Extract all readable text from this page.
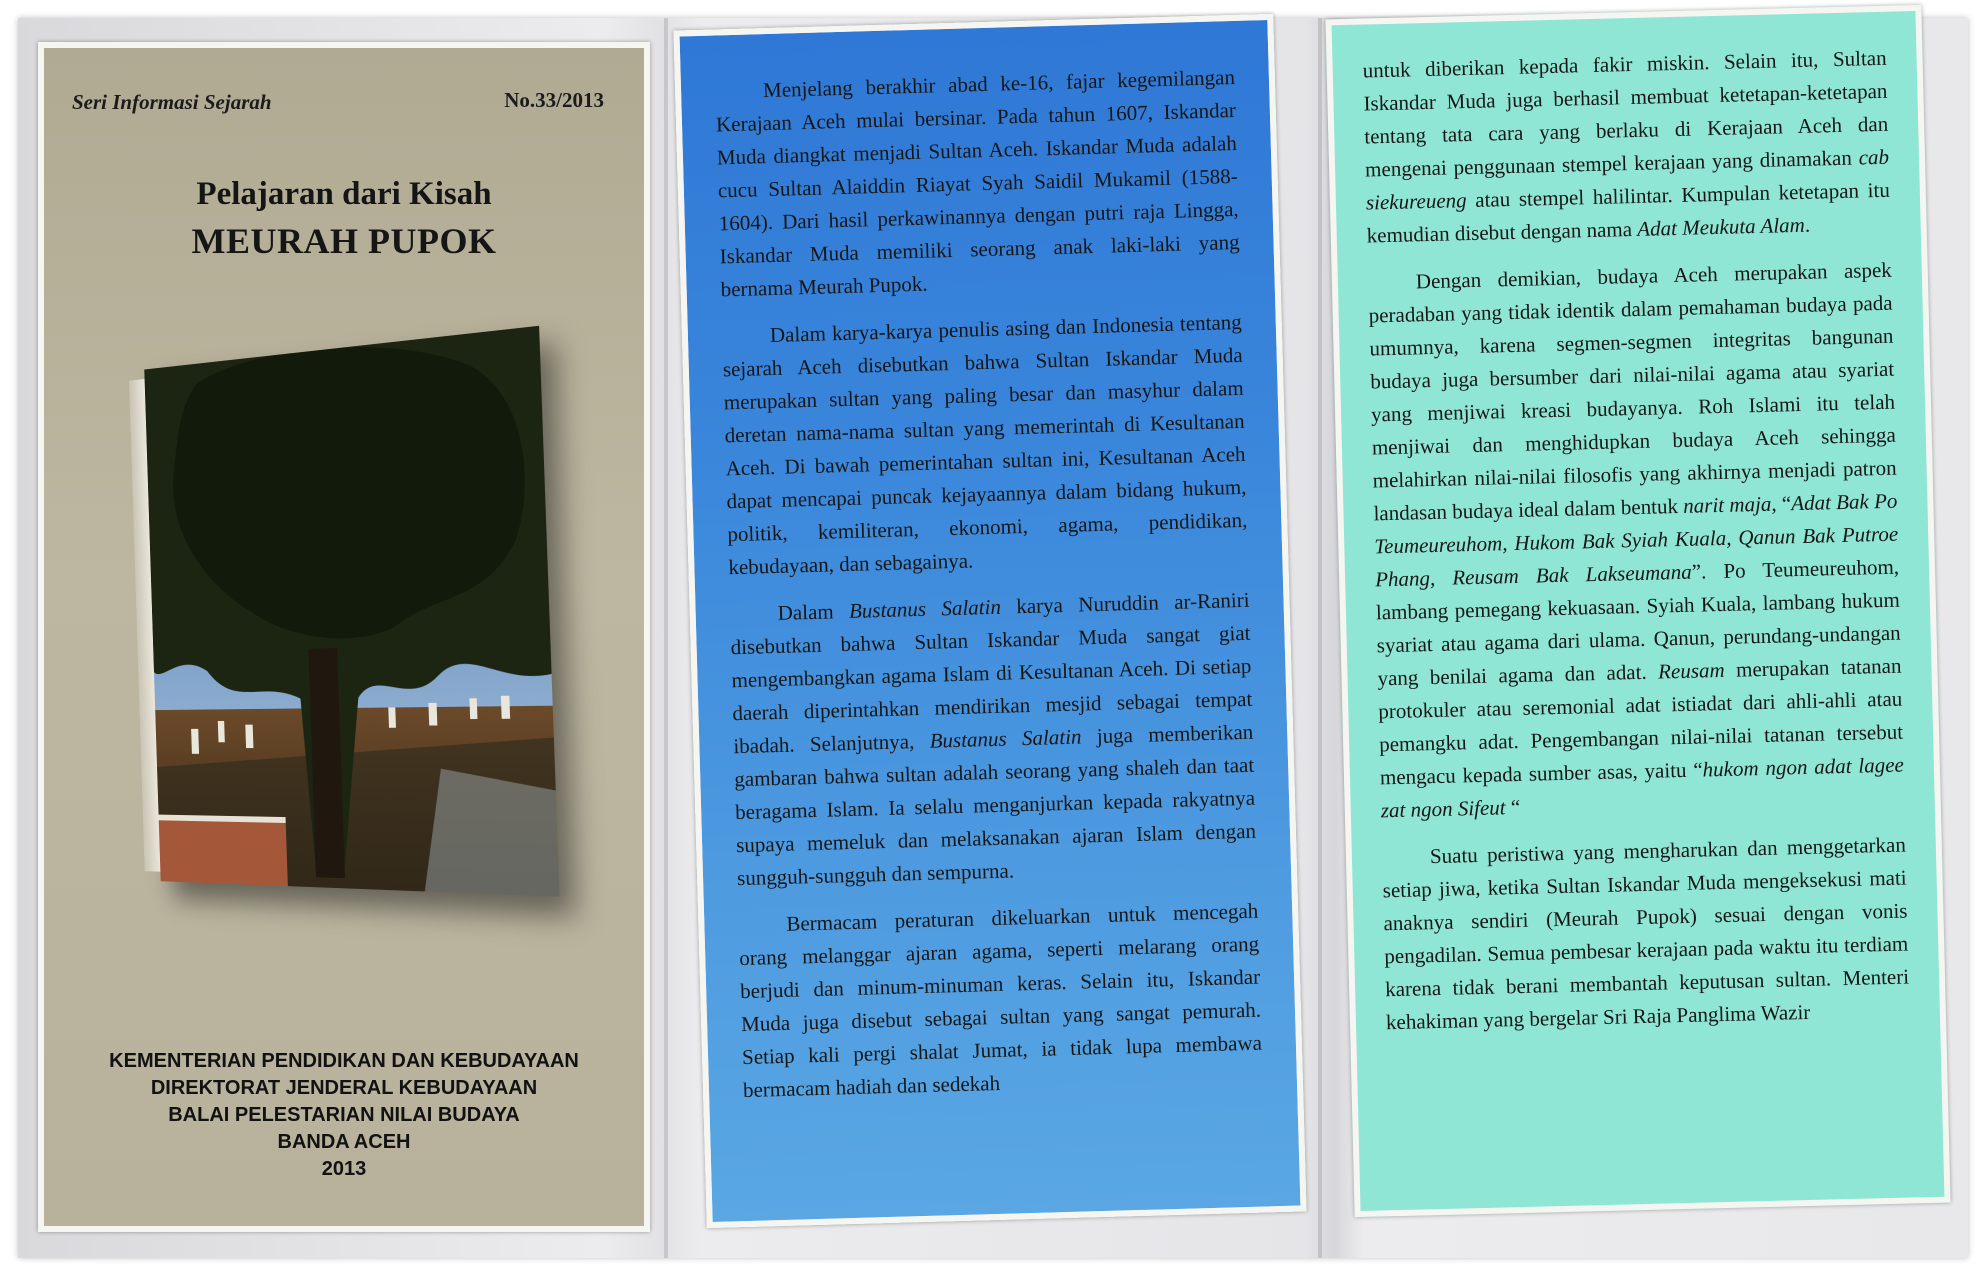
Seri Informasi Sejarah	No.33/2013
Pelajaran dari Kisah
MEURAH PUPOK
KEMENTERIAN PENDIDIKAN DAN KEBUDAYAAN
DIREKTORAT JENDERAL KEBUDAYAAN
BALAI PELESTARIAN NILAI BUDAYA
BANDA ACEH
2013

Menjelang berakhir abad ke-16, fajar kegemilangan Kerajaan Aceh mulai bersinar. Pada tahun 1607, Iskandar Muda diangkat menjadi Sultan Aceh. Iskandar Muda adalah cucu Sultan Alaiddin Riayat Syah Saidil Mukamil (1588-1604). Dari hasil perkawinannya dengan putri raja Lingga, Iskandar Muda memiliki seorang anak laki-laki yang bernama Meurah Pupok.

Dalam karya-karya penulis asing dan Indonesia tentang sejarah Aceh disebutkan bahwa Sultan Iskandar Muda merupakan sultan yang paling besar dan masyhur dalam deretan nama-nama sultan yang memerintah di Kesultanan Aceh. Di bawah pemerintahan sultan ini, Kesultanan Aceh dapat mencapai puncak kejayaannya dalam bidang hukum, politik, kemiliteran, ekonomi, agama, pendidikan, kebudayaan, dan sebagainya.

Dalam Bustanus Salatin karya Nuruddin ar-Raniri disebutkan bahwa Sultan Iskandar Muda sangat giat mengembangkan agama Islam di Kesultanan Aceh. Di setiap daerah diperintahkan mendirikan mesjid sebagai tempat ibadah. Selanjutnya, Bustanus Salatin juga memberikan gambaran bahwa sultan adalah seorang yang shaleh dan taat beragama Islam. Ia selalu menganjurkan kepada rakyatnya supaya memeluk dan melaksanakan ajaran Islam dengan sungguh-sungguh dan sempurna.

Bermacam peraturan dikeluarkan untuk mencegah orang melanggar ajaran agama, seperti melarang orang berjudi dan minum-minuman keras. Selain itu, Iskandar Muda juga disebut sebagai sultan yang sangat pemurah. Setiap kali pergi shalat Jumat, ia tidak lupa membawa bermacam hadiah dan sedekah

untuk diberikan kepada fakir miskin. Selain itu, Sultan Iskandar Muda juga berhasil membuat ketetapan-ketetapan tentang tata cara yang berlaku di Kerajaan Aceh dan mengenai penggunaan stempel kerajaan yang dinamakan cab siekureueng atau stempel halilintar. Kumpulan ketetapan itu kemudian disebut dengan nama Adat Meukuta Alam.

Dengan demikian, budaya Aceh merupakan aspek peradaban yang tidak identik dalam pemahaman budaya pada umumnya, karena segmen-segmen integritas bangunan budaya juga bersumber dari nilai-nilai agama atau syariat yang menjiwai kreasi budayanya. Roh Islami itu telah menjiwai dan menghidupkan budaya Aceh sehingga melahirkan nilai-nilai filosofis yang akhirnya menjadi patron landasan budaya ideal dalam bentuk narit maja, “Adat Bak Po Teumeureuhom, Hukom Bak Syiah Kuala, Qanun Bak Putroe Phang, Reusam Bak Lakseumana”. Po Teumeureuhom, lambang pemegang kekuasaan. Syiah Kuala, lambang hukum syariat atau agama dari ulama. Qanun, perundang-undangan yang benilai agama dan adat. Reusam merupakan tatanan protokuler atau seremonial adat istiadat dari ahli-ahli atau pemangku adat. Pengembangan nilai-nilai tatanan tersebut mengacu kepada sumber asas, yaitu “hukom ngon adat lagee zat ngon Sifeut “

Suatu peristiwa yang mengharukan dan menggetarkan setiap jiwa, ketika Sultan Iskandar Muda mengeksekusi mati anaknya sendiri (Meurah Pupok) sesuai dengan vonis pengadilan. Semua pembesar kerajaan pada waktu itu terdiam karena tidak berani membantah keputusan sultan. Menteri kehakiman yang bergelar Sri Raja Panglima Wazir
